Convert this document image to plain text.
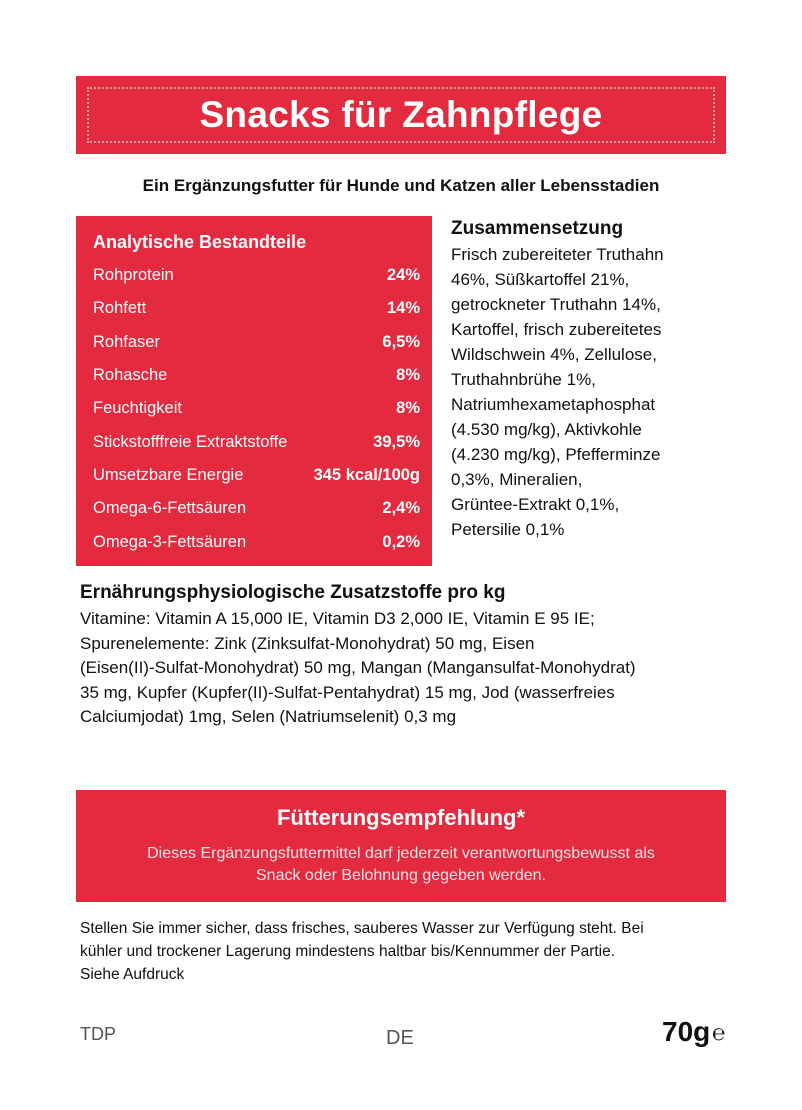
Snacks für Zahnpflege
Ein Ergänzungsfutter für Hunde und Katzen aller Lebensstadien
Analytische Bestandteile
Rohprotein	24%
Rohfett	14%
Rohfaser	6,5%
Rohasche	8%
Feuchtigkeit	8%
Stickstofffreie Extraktstoffe	39,5%
Umsetzbare Energie	345 kcal/100g
Omega-6-Fettsäuren	2,4%
Omega-3-Fettsäuren	0,2%
Zusammensetzung
Frisch zubereiteter Truthahn
46%, Süßkartoffel 21%,
getrockneter Truthahn 14%,
Kartoffel, frisch zubereitetes
Wildschwein 4%, Zellulose,
Truthahnbrühe 1%,
Natriumhexametaphosphat
(4.530 mg/kg), Aktivkohle
(4.230 mg/kg), Pfefferminze
0,3%, Mineralien,
Grüntee-Extrakt 0,1%,
Petersilie 0,1%
Ernährungsphysiologische Zusatzstoffe pro kg
Vitamine: Vitamin A 15,000 IE, Vitamin D3 2,000 IE, Vitamin E 95 IE;
Spurenelemente: Zink (Zinksulfat-Monohydrat) 50 mg, Eisen
(Eisen(II)-Sulfat-Monohydrat) 50 mg, Mangan (Mangansulfat-Monohydrat)
35 mg, Kupfer (Kupfer(II)-Sulfat-Pentahydrat) 15 mg, Jod (wasserfreies
Calciumjodat) 1mg, Selen (Natriumselenit) 0,3 mg
Fütterungsempfehlung*
Dieses Ergänzungsfuttermittel darf jederzeit verantwortungsbewusst als
Snack oder Belohnung gegeben werden.
Stellen Sie immer sicher, dass frisches, sauberes Wasser zur Verfügung steht. Bei
kühler und trockener Lagerung mindestens haltbar bis/Kennummer der Partie.
Siehe Aufdruck
TDP	DE	70g ℮
